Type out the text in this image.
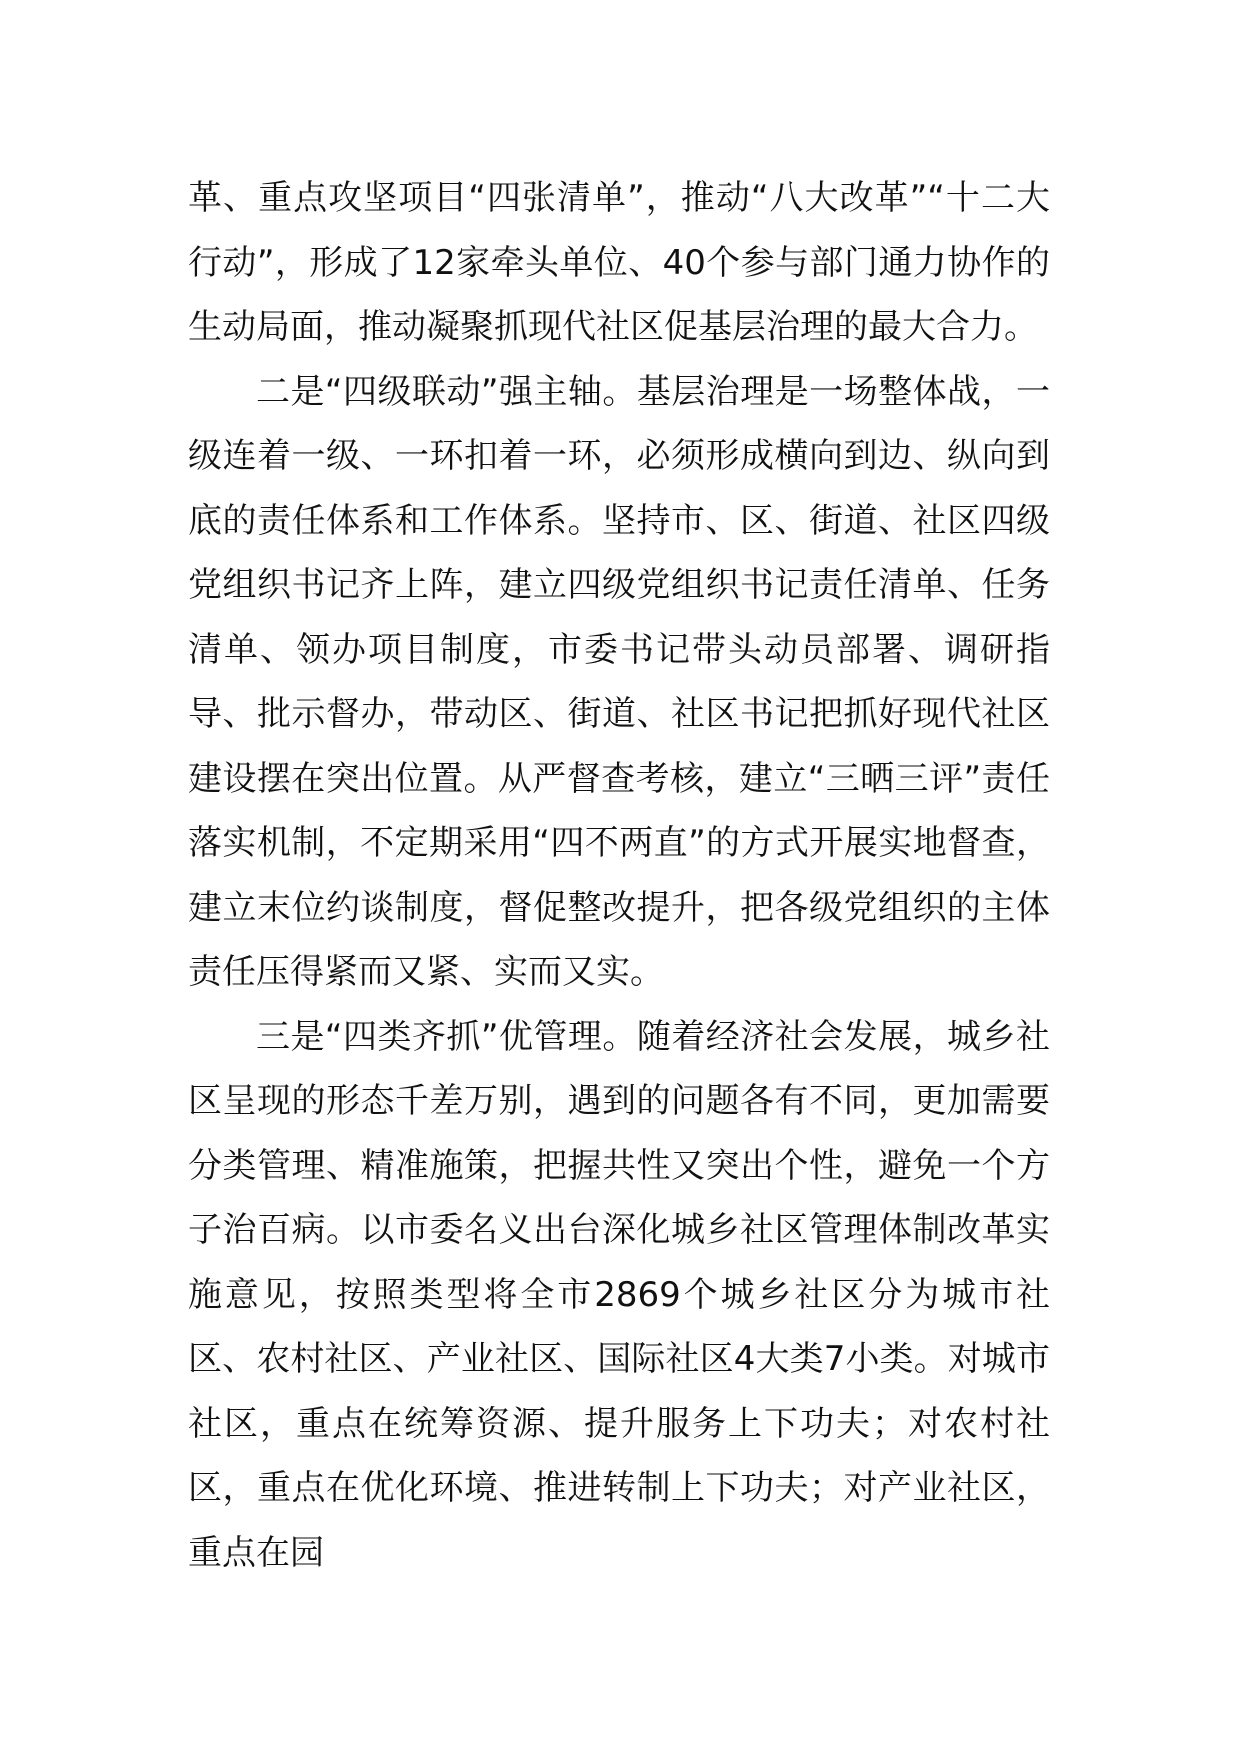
革、重点攻坚项目“四张清单”，推动“八大改革”“十二大行动”，形成了12家牵头单位、40个参与部门通力协作的生动局面，推动凝聚抓现代社区促基层治理的最大合力。

二是“四级联动”强主轴。基层治理是一场整体战，一级连着一级、一环扣着一环，必须形成横向到边、纵向到底的责任体系和工作体系。坚持市、区、街道、社区四级党组织书记齐上阵，建立四级党组织书记责任清单、任务清单、领办项目制度，市委书记带头动员部署、调研指导、批示督办，带动区、街道、社区书记把抓好现代社区建设摆在突出位置。从严督查考核，建立“三晒三评”责任落实机制，不定期采用“四不两直”的方式开展实地督查，建立末位约谈制度，督促整改提升，把各级党组织的主体责任压得紧而又紧、实而又实。

三是“四类齐抓”优管理。随着经济社会发展，城乡社区呈现的形态千差万别，遇到的问题各有不同，更加需要分类管理、精准施策，把握共性又突出个性，避免一个方子治百病。以市委名义出台深化城乡社区管理体制改革实施意见，按照类型将全市2869个城乡社区分为城市社区、农村社区、产业社区、国际社区4大类7小类。对城市社区，重点在统筹资源、提升服务上下功夫；对农村社区，重点在优化环境、推进转制上下功夫；对产业社区，重点在园
